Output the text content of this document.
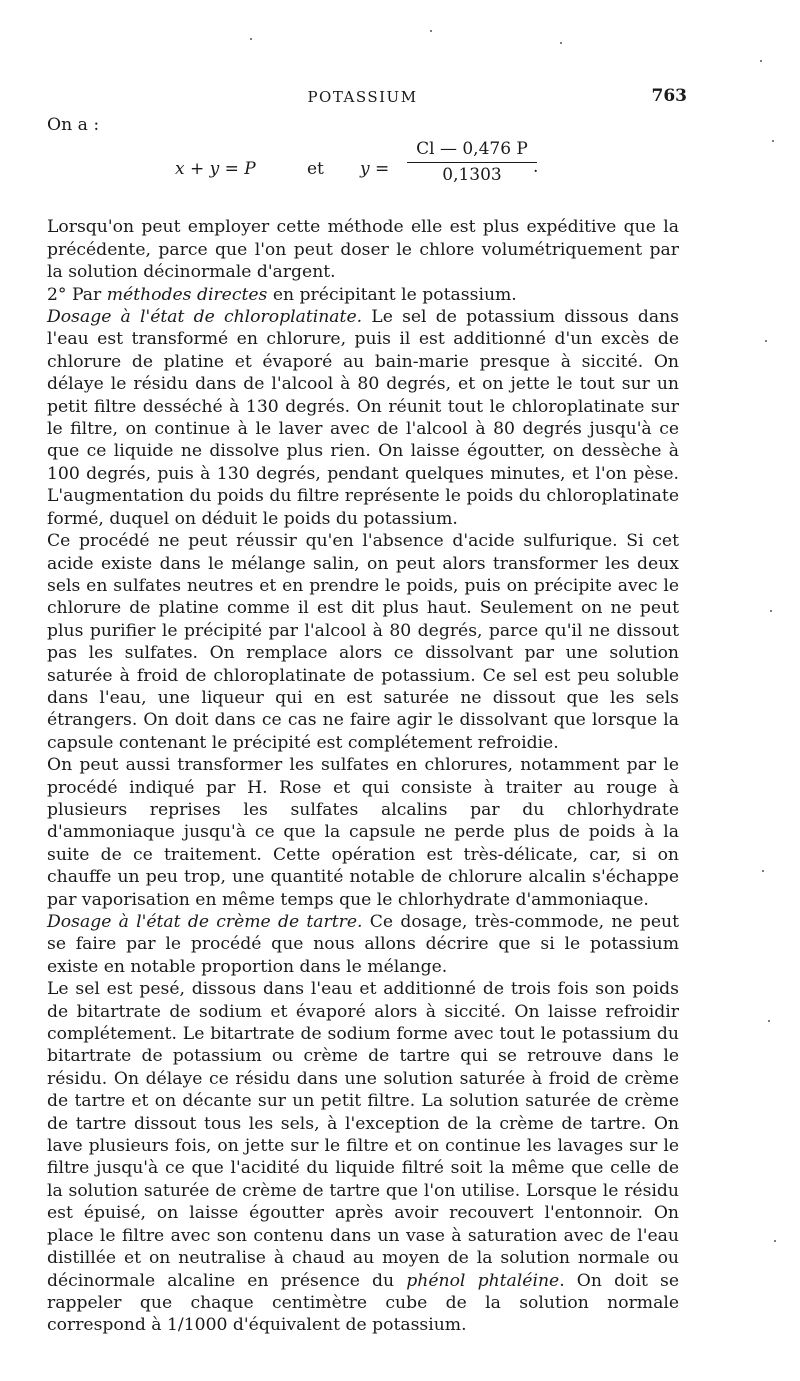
POTASSIUM	763

On a :

x + y = P	et $y = \frac{Cl — 0,476 P}{0,1303}$
.

Lorsqu'on peut employer cette méthode elle est plus expéditive que la précédente, parce que l'on peut doser le chlore volumétriquement par la solution décinormale d'argent.

2° Par méthodes directes en précipitant le potassium.

Dosage à l'état de chloroplatinate. Le sel de potassium dissous dans l'eau est transformé en chlorure, puis il est additionné d'un excès de chlorure de platine et évaporé au bain-marie presque à siccité. On délaye le résidu dans de l'alcool à 80 degrés, et on jette le tout sur un petit filtre desséché à 130 degrés. On réunit tout le chloroplatinate sur le filtre, on continue à le laver avec de l'alcool à 80 degrés jusqu'à ce que ce liquide ne dissolve plus rien. On laisse égoutter, on dessèche à 100 degrés, puis à 130 degrés, pendant quelques minutes, et l'on pèse. L'augmentation du poids du filtre représente le poids du chloroplatinate formé, duquel on déduit le poids du potassium.

Ce procédé ne peut réussir qu'en l'absence d'acide sulfurique. Si cet acide existe dans le mélange salin, on peut alors transformer les deux sels en sulfates neutres et en prendre le poids, puis on précipite avec le chlorure de platine comme il est dit plus haut. Seulement on ne peut plus purifier le précipité par l'alcool à 80 degrés, parce qu'il ne dissout pas les sulfates. On remplace alors ce dissolvant par une solution saturée à froid de chloroplatinate de potassium. Ce sel est peu soluble dans l'eau, une liqueur qui en est saturée ne dissout que les sels étrangers. On doit dans ce cas ne faire agir le dissolvant que lorsque la capsule contenant le précipité est complétement refroidie.

On peut aussi transformer les sulfates en chlorures, notamment par le procédé indiqué par H. Rose et qui consiste à traiter au rouge à plusieurs reprises les sulfates alcalins par du chlorhydrate d'ammoniaque jusqu'à ce que la capsule ne perde plus de poids à la suite de ce traitement. Cette opération est très-délicate, car, si on chauffe un peu trop, une quantité notable de chlorure alcalin s'échappe par vaporisation en même temps que le chlorhydrate d'ammoniaque.

Dosage à l'état de crème de tartre. Ce dosage, très-commode, ne peut se faire par le procédé que nous allons décrire que si le potassium existe en notable proportion dans le mélange.

Le sel est pesé, dissous dans l'eau et additionné de trois fois son poids de bitartrate de sodium et évaporé alors à siccité. On laisse refroidir complétement. Le bitartrate de sodium forme avec tout le potassium du bitartrate de potassium ou crème de tartre qui se retrouve dans le résidu. On délaye ce résidu dans une solution saturée à froid de crème de tartre et on décante sur un petit filtre. La solution saturée de crème de tartre dissout tous les sels, à l'exception de la crème de tartre. On lave plusieurs fois, on jette sur le filtre et on continue les lavages sur le filtre jusqu'à ce que l'acidité du liquide filtré soit la même que celle de la solution saturée de crème de tartre que l'on utilise. Lorsque le résidu est épuisé, on laisse égoutter après avoir recouvert l'entonnoir. On place le filtre avec son contenu dans un vase à saturation avec de l'eau distillée et on neutralise à chaud au moyen de la solution normale ou décinormale alcaline en présence du phénol phtaléine. On doit se rappeler que chaque centimètre cube de la solution normale correspond à 1/1000 d'équivalent de potassium.
